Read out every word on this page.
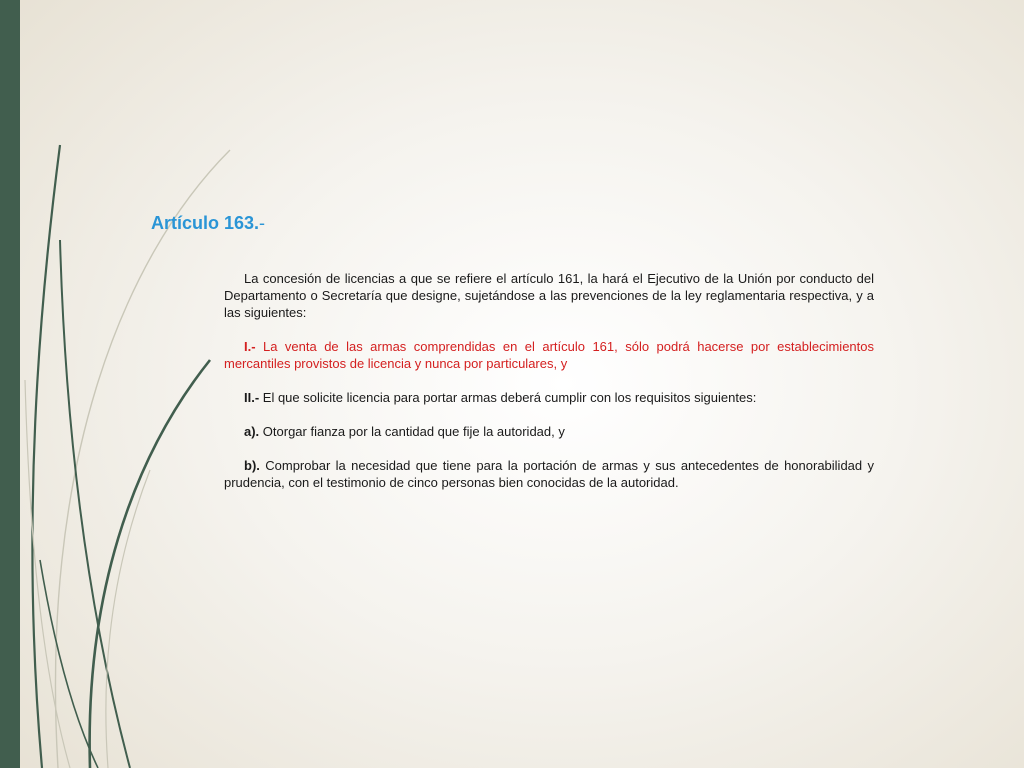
Artículo 163.-

La concesión de licencias a que se refiere el artículo 161, la hará el Ejecutivo de la Unión por conducto del Departamento o Secretaría que designe, sujetándose a las prevenciones de la ley reglamentaria respectiva, y a las siguientes:

I.- La venta de las armas comprendidas en el artículo 161, sólo podrá hacerse por establecimientos mercantiles provistos de licencia y nunca por particulares, y

II.- El que solicite licencia para portar armas deberá cumplir con los requisitos siguientes:

a). Otorgar fianza por la cantidad que fije la autoridad, y

b). Comprobar la necesidad que tiene para la portación de armas y sus antecedentes de honorabilidad y prudencia, con el testimonio de cinco personas bien conocidas de la autoridad.
